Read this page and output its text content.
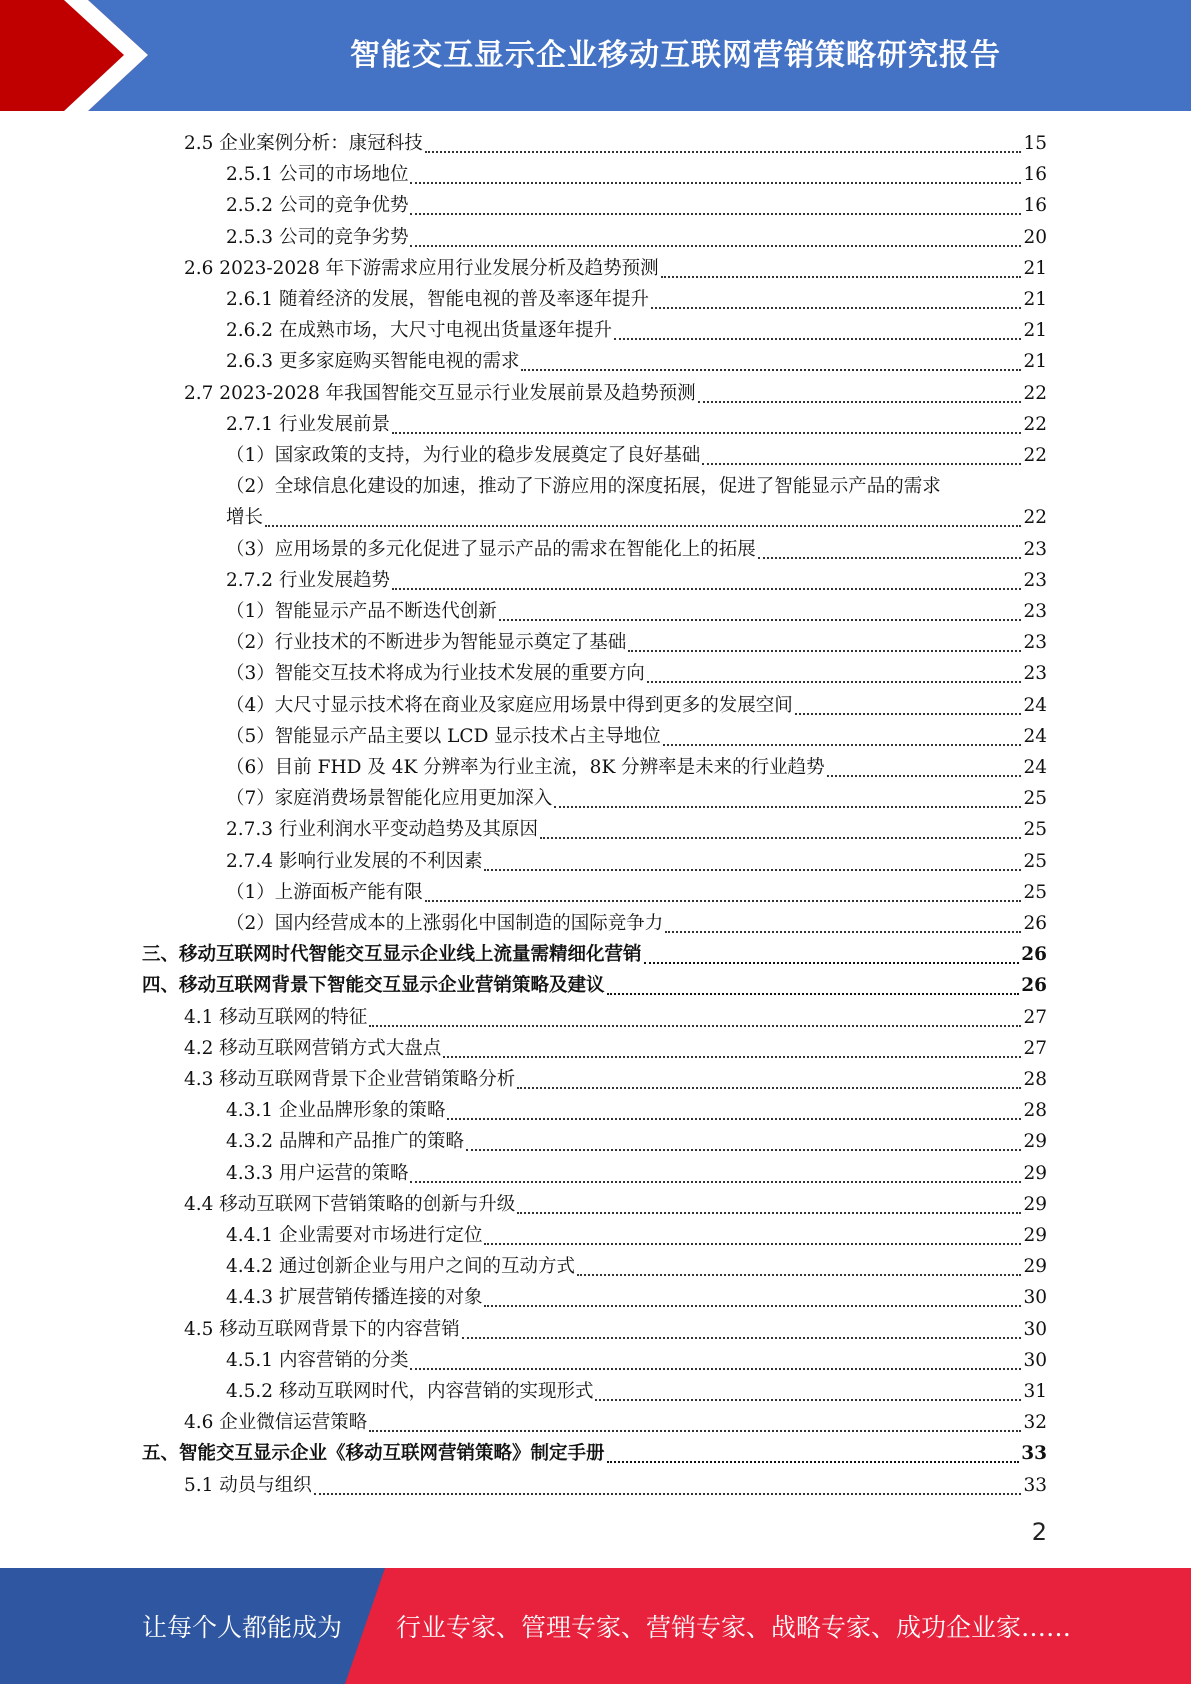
智能交互显示企业移动互联网营销策略研究报告
2.5 企业案例分析：康冠科技	15
2.5.1 公司的市场地位	16
2.5.2 公司的竞争优势	16
2.5.3 公司的竞争劣势	20
2.6 2023-2028 年下游需求应用行业发展分析及趋势预测	21
2.6.1 随着经济的发展，智能电视的普及率逐年提升	21
2.6.2 在成熟市场，大尺寸电视出货量逐年提升	21
2.6.3 更多家庭购买智能电视的需求	21
2.7 2023-2028 年我国智能交互显示行业发展前景及趋势预测	22
2.7.1 行业发展前景	22
（1）国家政策的支持，为行业的稳步发展奠定了良好基础	22
（2）全球信息化建设的加速，推动了下游应用的深度拓展，促进了智能显示产品的需求
增长	22
（3）应用场景的多元化促进了显示产品的需求在智能化上的拓展	23
2.7.2 行业发展趋势	23
（1）智能显示产品不断迭代创新	23
（2）行业技术的不断进步为智能显示奠定了基础	23
（3）智能交互技术将成为行业技术发展的重要方向	23
（4）大尺寸显示技术将在商业及家庭应用场景中得到更多的发展空间	24
（5）智能显示产品主要以 LCD 显示技术占主导地位	24
（6）目前 FHD 及 4K 分辨率为行业主流，8K 分辨率是未来的行业趋势	24
（7）家庭消费场景智能化应用更加深入	25
2.7.3 行业利润水平变动趋势及其原因	25
2.7.4 影响行业发展的不利因素	25
（1）上游面板产能有限	25
（2）国内经营成本的上涨弱化中国制造的国际竞争力	26
三、移动互联网时代智能交互显示企业线上流量需精细化营销	26
四、移动互联网背景下智能交互显示企业营销策略及建议	26
4.1 移动互联网的特征	27
4.2 移动互联网营销方式大盘点	27
4.3 移动互联网背景下企业营销策略分析	28
4.3.1 企业品牌形象的策略	28
4.3.2 品牌和产品推广的策略	29
4.3.3 用户运营的策略	29
4.4 移动互联网下营销策略的创新与升级	29
4.4.1 企业需要对市场进行定位	29
4.4.2 通过创新企业与用户之间的互动方式	29
4.4.3 扩展营销传播连接的对象	30
4.5 移动互联网背景下的内容营销	30
4.5.1 内容营销的分类	30
4.5.2 移动互联网时代，内容营销的实现形式	31
4.6 企业微信运营策略	32
五、智能交互显示企业《移动互联网营销策略》制定手册	33
5.1 动员与组织	33
2
让每个人都能成为 行业专家、管理专家、营销专家、战略专家、成功企业家……
